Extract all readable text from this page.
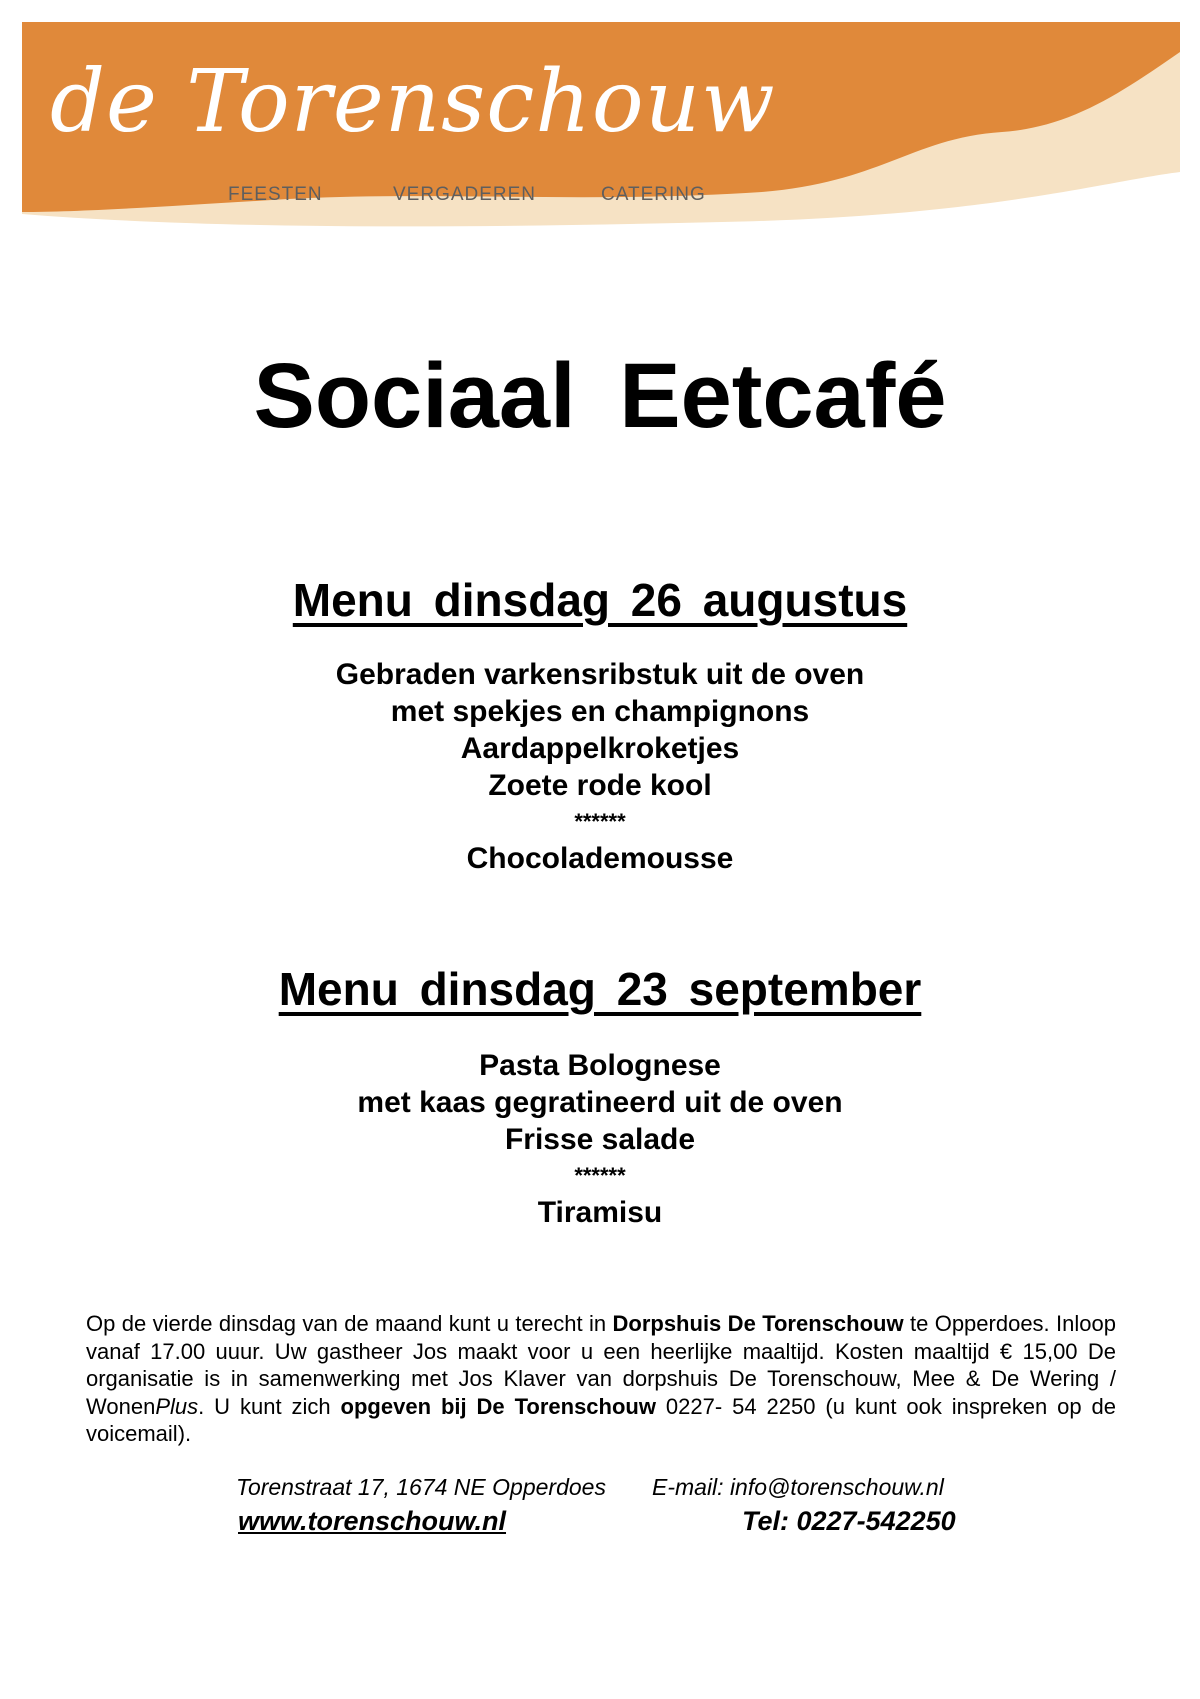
de Torenschouw
FEESTEN	VERGADEREN	CATERING
Sociaal Eetcafé
Menu dinsdag 26 augustus
Gebraden varkensribstuk uit de oven
met spekjes en champignons
Aardappelkroketjes
Zoete rode kool
******
Chocolademousse
Menu dinsdag 23 september
Pasta Bolognese
met kaas gegratineerd uit de oven
Frisse salade
******
Tiramisu

Op de vierde dinsdag van de maand kunt u terecht in Dorpshuis De Torenschouw te Opperdoes. Inloop vanaf 17.00 uuur. Uw gastheer Jos maakt voor u een heerlijke maaltijd. Kosten maaltijd € 15,00 De organisatie is in samenwerking met Jos Klaver van dorpshuis De Torenschouw, Mee & De Wering / WonenPlus. U kunt zich opgeven bij De Torenschouw 0227- 54 2250 (u kunt ook inspreken op de voicemail).

Torenstraat 17, 1674 NE Opperdoes E-mail: info@torenschouw.nl
www.torenschouw.nl	Tel: 0227-542250
